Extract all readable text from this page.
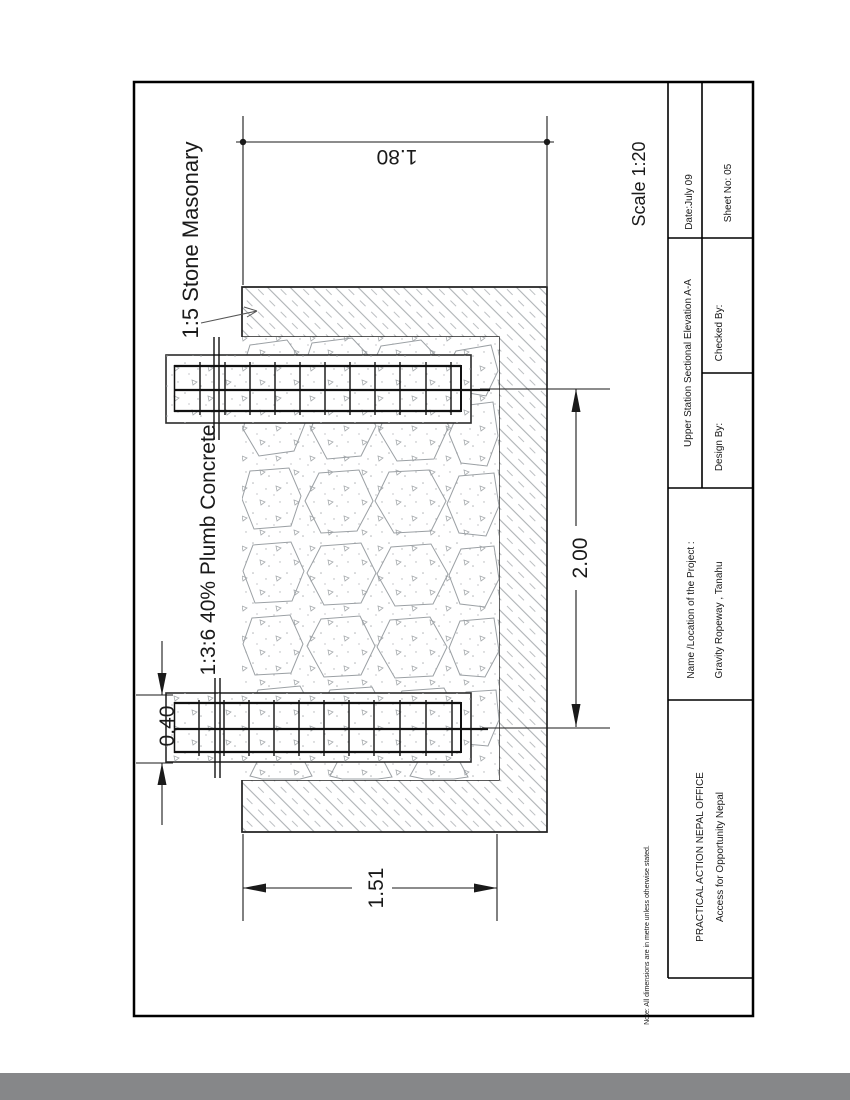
1.80
2.00
1.51
0.40
1:5 Stone Masonary
1:3:6 40% Plumb Concrete
Scale 1:20
Note: All dimensions are in metre unless otherwise stated.
Date:July 09	Sheet No: 05
Upper Station Sectional Elevation A-A Checked By:
Design By:
Name /Location of the Project : Gravity Ropeway , Tanahu
PRACTICAL ACTION NEPAL OFFICE Access for Opportunity Nepal
